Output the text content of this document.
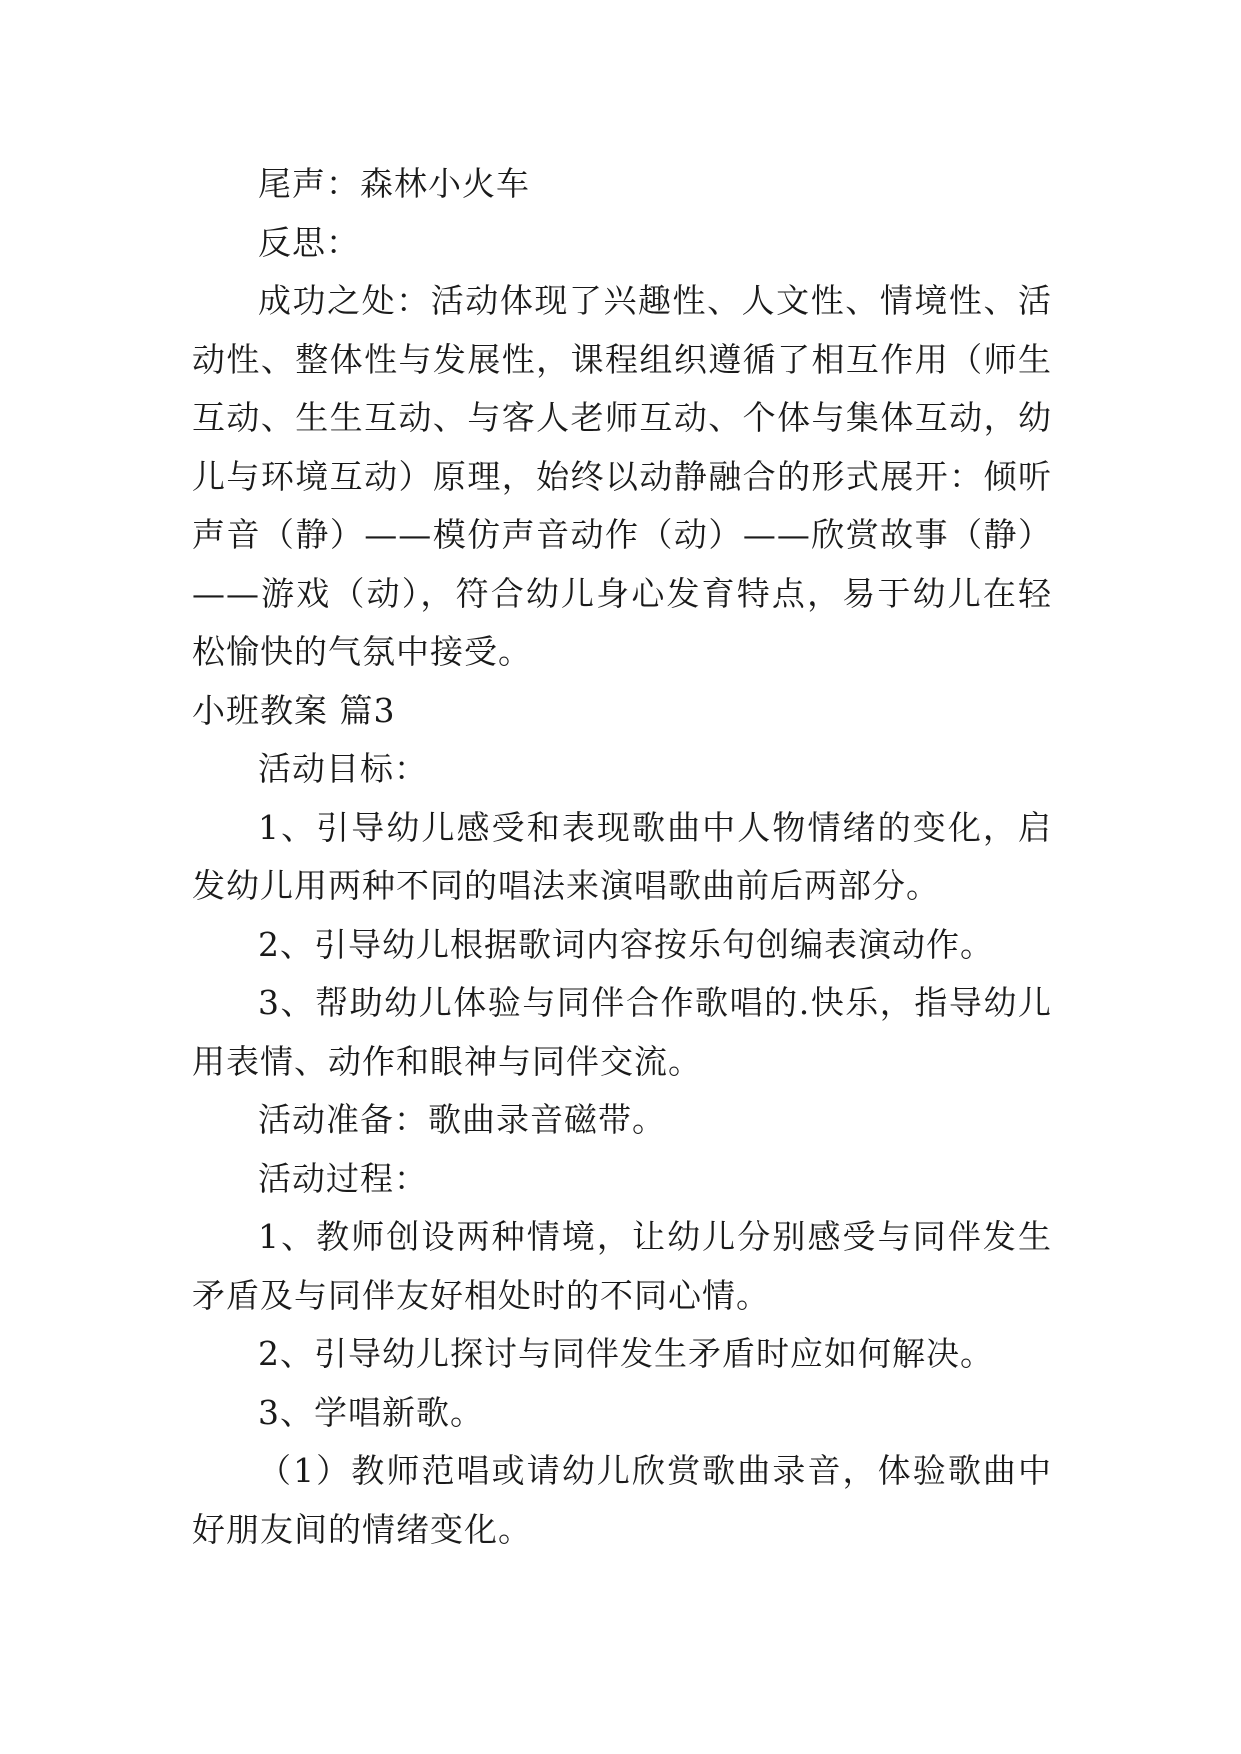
尾声：森林小火车

反思：

成功之处：活动体现了兴趣性、人文性、情境性、活动性、整体性与发展性，课程组织遵循了相互作用（师生互动、生生互动、与客人老师互动、个体与集体互动，幼儿与环境互动）原理，始终以动静融合的形式展开：倾听声音（静）——模仿声音动作（动）——欣赏故事（静）——游戏（动），符合幼儿身心发育特点，易于幼儿在轻松愉快的气氛中接受。

小班教案 篇3

活动目标：

1、引导幼儿感受和表现歌曲中人物情绪的变化，启发幼儿用两种不同的唱法来演唱歌曲前后两部分。

2、引导幼儿根据歌词内容按乐句创编表演动作。

3、帮助幼儿体验与同伴合作歌唱的.快乐，指导幼儿用表情、动作和眼神与同伴交流。

活动准备：歌曲录音磁带。

活动过程：

1、教师创设两种情境，让幼儿分别感受与同伴发生矛盾及与同伴友好相处时的不同心情。

2、引导幼儿探讨与同伴发生矛盾时应如何解决。

3、学唱新歌。

（1）教师范唱或请幼儿欣赏歌曲录音，体验歌曲中好朋友间的情绪变化。
